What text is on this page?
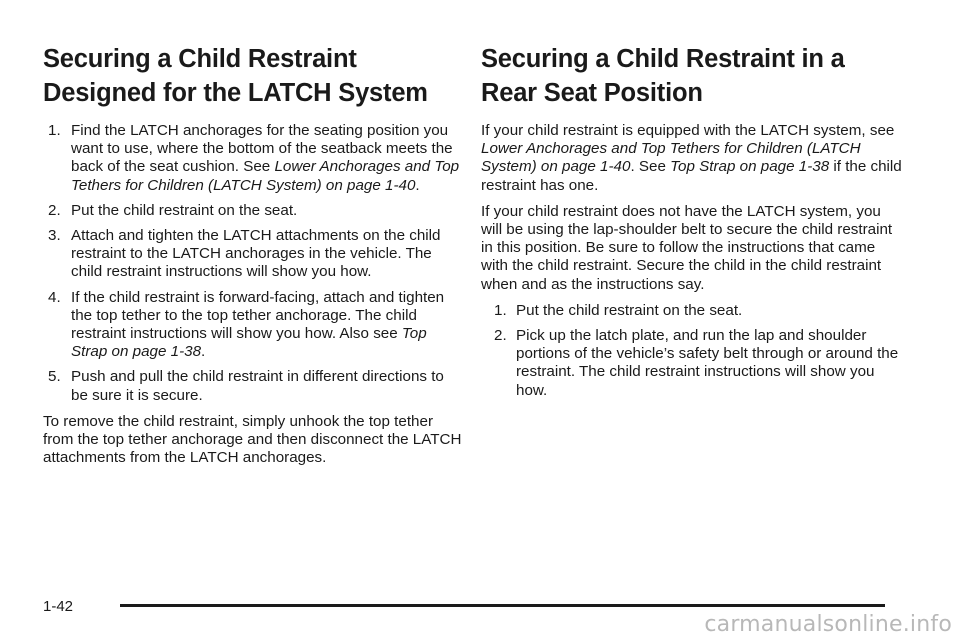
Securing a Child Restraint Designed for the LATCH System
1. Find the LATCH anchorages for the seating position you want to use, where the bottom of the seatback meets the back of the seat cushion. See Lower Anchorages and Top Tethers for Children (LATCH System) on page 1-40.
2. Put the child restraint on the seat.
3. Attach and tighten the LATCH attachments on the child restraint to the LATCH anchorages in the vehicle. The child restraint instructions will show you how.
4. If the child restraint is forward-facing, attach and tighten the top tether to the top tether anchorage. The child restraint instructions will show you how. Also see Top Strap on page 1-38.
5. Push and pull the child restraint in different directions to be sure it is secure.

To remove the child restraint, simply unhook the top tether from the top tether anchorage and then disconnect the LATCH attachments from the LATCH anchorages.

Securing a Child Restraint in a Rear Seat Position

If your child restraint is equipped with the LATCH system, see Lower Anchorages and Top Tethers for Children (LATCH System) on page 1-40. See Top Strap on page 1-38 if the child restraint has one.

If your child restraint does not have the LATCH system, you will be using the lap-shoulder belt to secure the child restraint in this position. Be sure to follow the instructions that came with the child restraint. Secure the child in the child restraint when and as the instructions say.

1. Put the child restraint on the seat.
2. Pick up the latch plate, and run the lap and shoulder portions of the vehicle’s safety belt through or around the restraint. The child restraint instructions will show you how.
1-42
carmanualsonline.info
